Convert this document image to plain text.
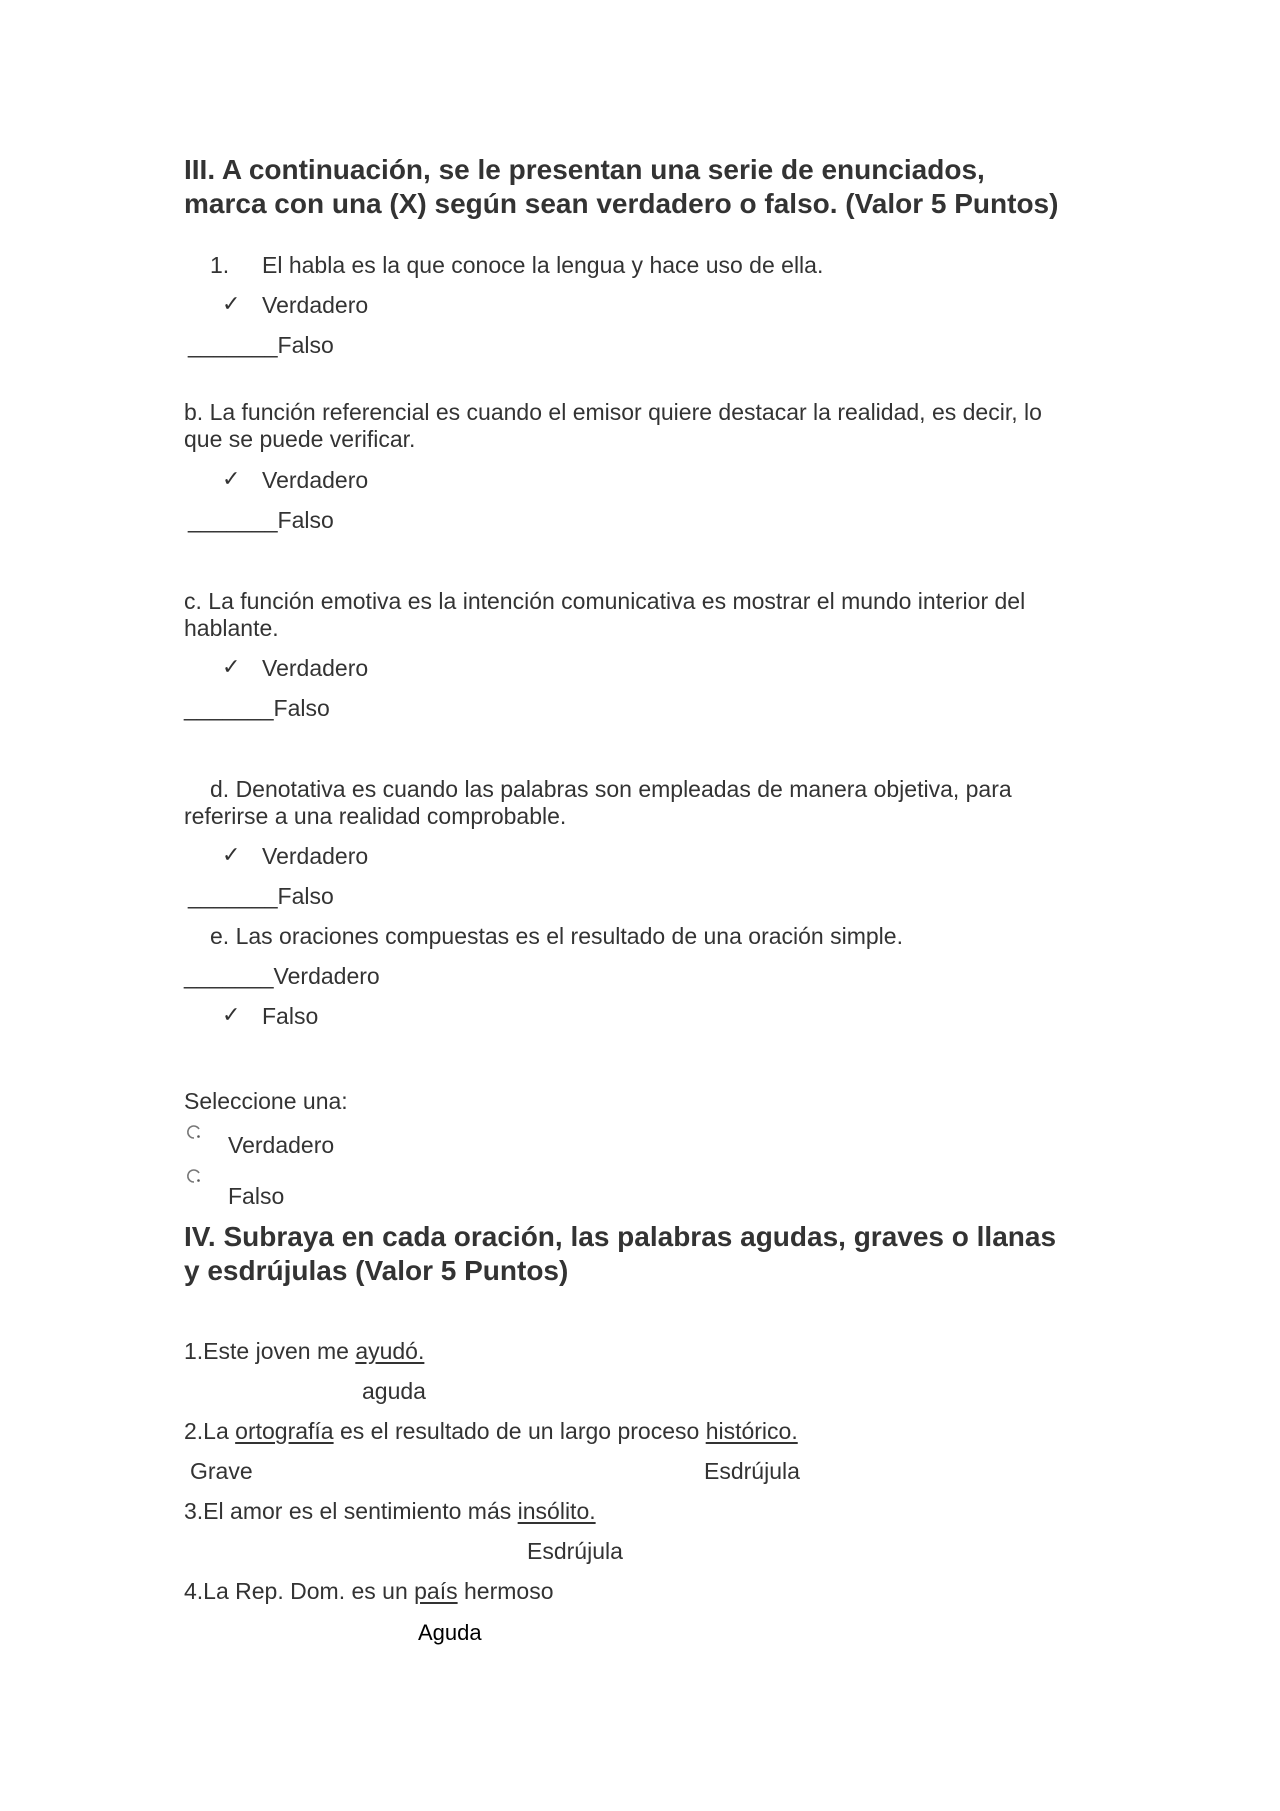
III. A continuación, se le presentan una serie de enunciados,
marca con una (X) según sean verdadero o falso. (Valor 5 Puntos)
1. El habla es la que conoce la lengua y hace uso de ella.
✓ Verdadero
_______Falso
b. La función referencial es cuando el emisor quiere destacar la realidad, es decir, lo
que se puede verificar.
✓ Verdadero
_______Falso
c. La función emotiva es la intención comunicativa es mostrar el mundo interior del
hablante.
✓ Verdadero
_______Falso
d. Denotativa es cuando las palabras son empleadas de manera objetiva, para
referirse a una realidad comprobable.
✓ Verdadero
_______Falso
e. Las oraciones compuestas es el resultado de una oración simple.
_______Verdadero
✓ Falso
Seleccione una:
Verdadero
Falso
IV. Subraya en cada oración, las palabras agudas, graves o llanas
y esdrújulas (Valor 5 Puntos)
1.Este joven me ayudó.
aguda
2.La ortografía es el resultado de un largo proceso histórico.
Grave	Esdrújula
3.El amor es el sentimiento más insólito.
Esdrújula
4.La Rep. Dom. es un país hermoso
Aguda
